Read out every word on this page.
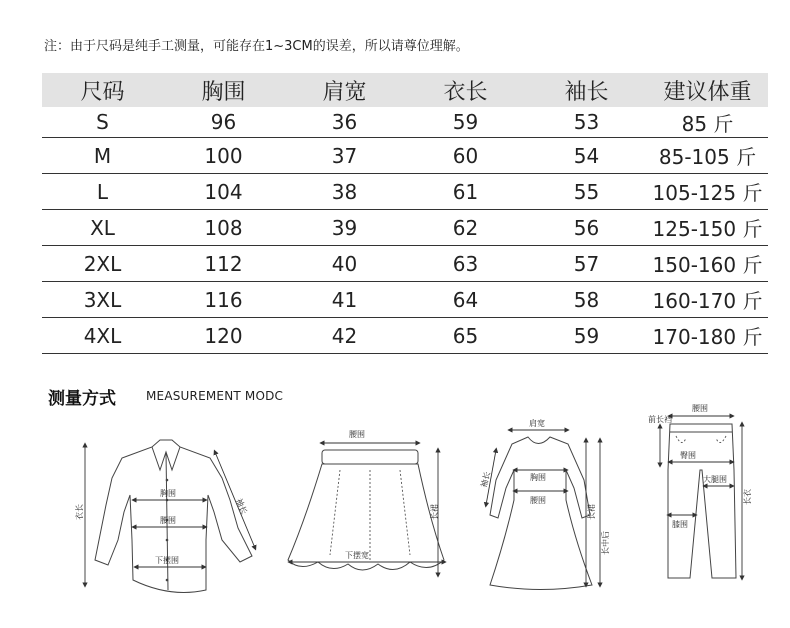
注：由于尺码是纯手工测量，可能存在1~3CM的误差，所以请尊位理解。
尺码	胸围	肩宽	衣长	袖长	建议体重
S	96	36	59	53	85 斤
M	100	37	60	54	85-105 斤
L	104	38	61	55	105-125 斤
XL	108	39	62	56	125-150 斤
2XL	112	40	63	57	150-160 斤
3XL	116	41	64	58	160-170 斤
4XL	120	42	65	59	170-180 斤
测量方式	MEASUREMENT MODC
衣长
胸围
腰围
下摆围
袖长
腰围
下摆宽
长裙
肩宽
胸围
腰围
袖长
长裙
长中后
腰围
前长裆
臀围
大腿围
膝围
长衣
